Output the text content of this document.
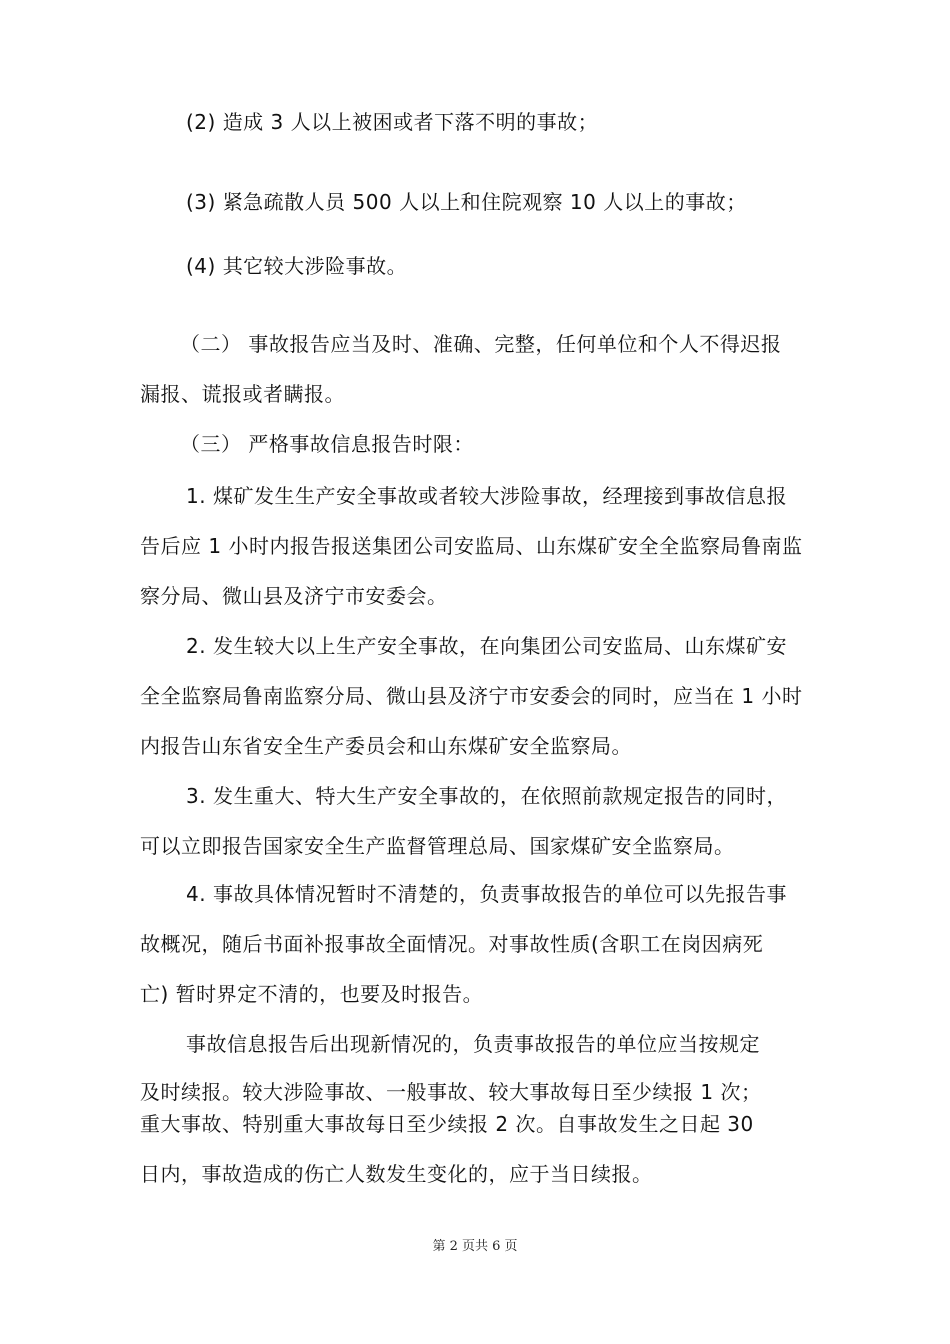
(2) 造成 3 人以上被困或者下落不明的事故；
(3) 紧急疏散人员 500 人以上和住院观察 10 人以上的事故；
(4) 其它较大涉险事故。
（二） 事故报告应当及时、准确、完整，任何单位和个人不得迟报
漏报、谎报或者瞒报。
（三） 严格事故信息报告时限：
1. 煤矿发生生产安全事故或者较大涉险事故，经理接到事故信息报
告后应 1 小时内报告报送集团公司安监局、山东煤矿安全全监察局鲁南监
察分局、微山县及济宁市安委会。
2. 发生较大以上生产安全事故，在向集团公司安监局、山东煤矿安
全全监察局鲁南监察分局、微山县及济宁市安委会的同时，应当在 1 小时
内报告山东省安全生产委员会和山东煤矿安全监察局。
3. 发生重大、特大生产安全事故的，在依照前款规定报告的同时，
可以立即报告国家安全生产监督管理总局、国家煤矿安全监察局。
4. 事故具体情况暂时不清楚的，负责事故报告的单位可以先报告事
故概况，随后书面补报事故全面情况。对事故性质(含职工在岗因病死
亡) 暂时界定不清的，也要及时报告。
事故信息报告后出现新情况的，负责事故报告的单位应当按规定
及时续报。较大涉险事故、一般事故、较大事故每日至少续报 1 次；
重大事故、特别重大事故每日至少续报 2 次。自事故发生之日起 30
日内，事故造成的伤亡人数发生变化的，应于当日续报。
第 2 页共 6 页
